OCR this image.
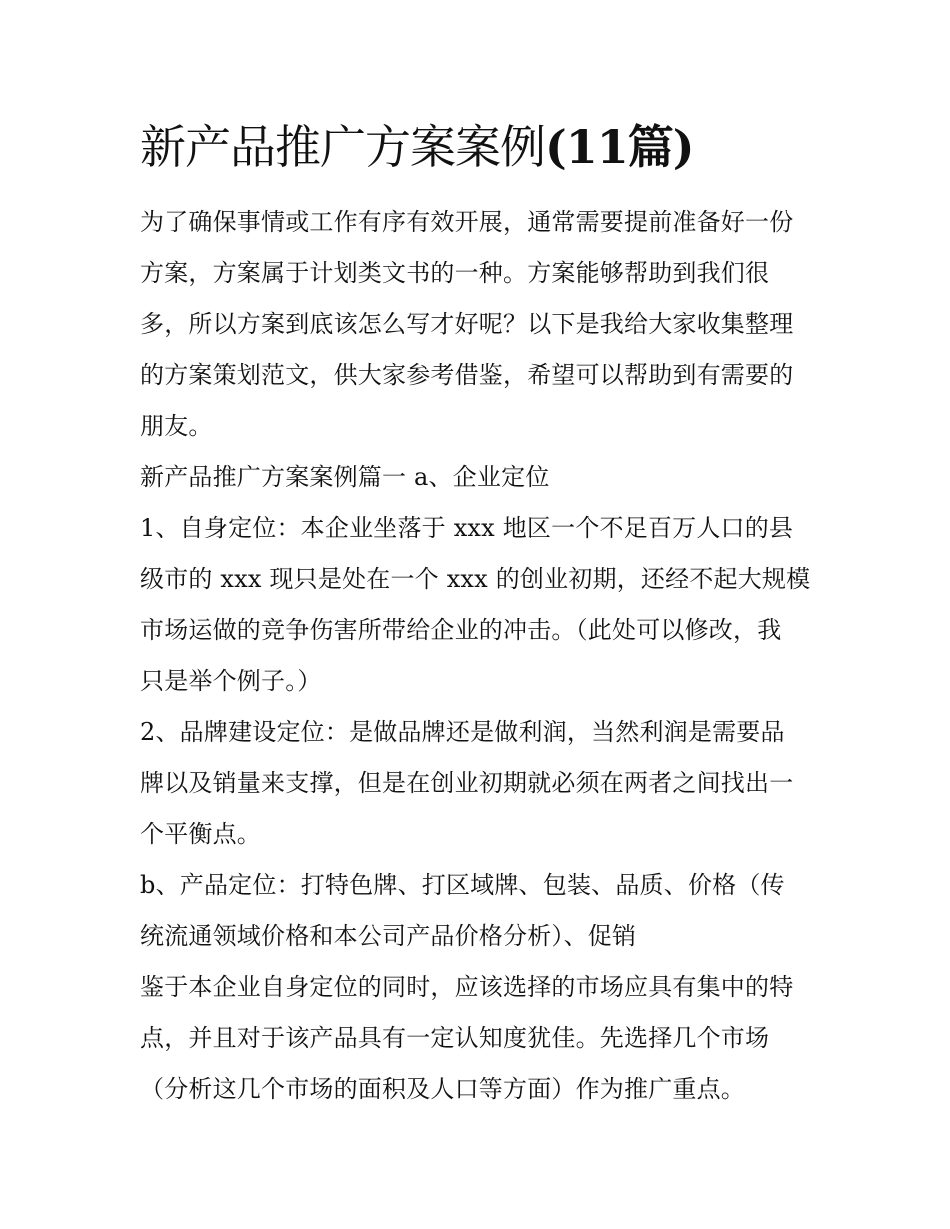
新产品推广方案案例(11篇)
为了确保事情或工作有序有效开展，通常需要提前准备好一份
方案，方案属于计划类文书的一种。方案能够帮助到我们很
多，所以方案到底该怎么写才好呢？以下是我给大家收集整理
的方案策划范文，供大家参考借鉴，希望可以帮助到有需要的
朋友。
新产品推广方案案例篇一 a、企业定位
1、自身定位：本企业坐落于 xxx 地区一个不足百万人口的县
级市的 xxx 现只是处在一个 xxx 的创业初期，还经不起大规模
市场运做的竞争伤害所带给企业的冲击。（此处可以修改，我
只是举个例子。）
2、品牌建设定位：是做品牌还是做利润，当然利润是需要品
牌以及销量来支撑，但是在创业初期就必须在两者之间找出一
个平衡点。
b、产品定位：打特色牌、打区域牌、包装、品质、价格（传
统流通领域价格和本公司产品价格分析）、促销
鉴于本企业自身定位的同时，应该选择的市场应具有集中的特
点，并且对于该产品具有一定认知度犹佳。先选择几个市场
（分析这几个市场的面积及人口等方面）作为推广重点。
